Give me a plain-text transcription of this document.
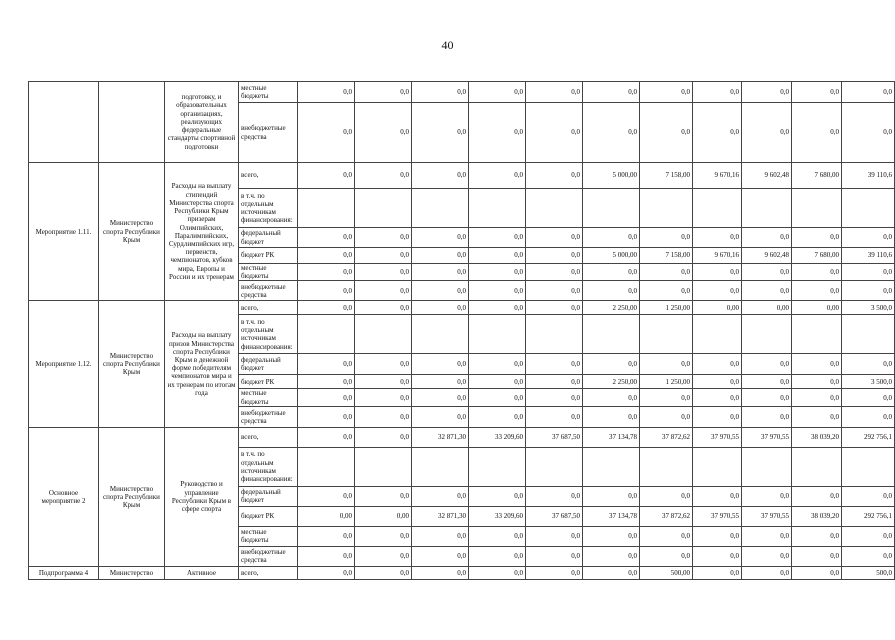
40
		подготовку, и образовательных организациях, реализующих федеральные стандарты спортивной подготовки	местные бюджеты	0,0	0,0	0,0	0,0	0,0	0,0	0,0	0,0	0,0	0,0	0,0
			внебюджетные средства	0,0	0,0	0,0	0,0	0,0	0,0	0,0	0,0	0,0	0,0	0,0
Мероприятие 1.11.	Министерство спорта Республики Крым	Расходы на выплату стипендий Министерства спорта Республики Крым призерам Олимпийских, Паралимпийских, Сурдлимпийских игр, первенств, чемпионатов, кубков мира, Европы и России и их тренерам	всего,	0,0	0,0	0,0	0,0	0,0	5 000,00	7 158,00	9 670,16	9 602,48	7 680,00	39 110,6
			в т.ч. по отдельным источникам финансирования:											
			федеральный бюджет	0,0	0,0	0,0	0,0	0,0	0,0	0,0	0,0	0,0	0,0	0,0
			бюджет РК	0,0	0,0	0,0	0,0	0,0	5 000,00	7 158,00	9 670,16	9 602,48	7 680,00	39 110,6
			местные бюджеты	0,0	0,0	0,0	0,0	0,0	0,0	0,0	0,0	0,0	0,0	0,0
			внебюджетные средства	0,0	0,0	0,0	0,0	0,0	0,0	0,0	0,0	0,0	0,0	0,0
Мероприятие 1.12.	Министерство спорта Республики Крым	Расходы на выплату призов Министерства спорта Республики Крым в денежной форме победителям чемпионатов мира и их тренерам по итогам года	всего,	0,0	0,0	0,0	0,0	0,0	2 250,00	1 250,00	0,00	0,00	0,00	3 500,0
			в т.ч. по отдельным источникам финансирования:											
			федеральный бюджет	0,0	0,0	0,0	0,0	0,0	0,0	0,0	0,0	0,0	0,0	0,0
			бюджет РК	0,0	0,0	0,0	0,0	0,0	2 250,00	1 250,00	0,0	0,0	0,0	3 500,0
			местные бюджеты	0,0	0,0	0,0	0,0	0,0	0,0	0,0	0,0	0,0	0,0	0,0
			внебюджетные средства	0,0	0,0	0,0	0,0	0,0	0,0	0,0	0,0	0,0	0,0	0,0
Основное мероприятие 2	Министерство спорта Республики Крым	Руководство и управление Республики Крым в сфере спорта	всего,	0,0	0,0	32 871,30	33 209,60	37 687,50	37 134,78	37 872,62	37 970,55	37 970,55	38 039,20	292 756,1
			в т.ч. по отдельным источникам финансирования:											
			федеральный бюджет	0,0	0,0	0,0	0,0	0,0	0,0	0,0	0,0	0,0	0,0	0,0
			бюджет РК	0,00	0,00	32 871,30	33 209,60	37 687,50	37 134,78	37 872,62	37 970,55	37 970,55	38 039,20	292 756,1
			местные бюджеты	0,0	0,0	0,0	0,0	0,0	0,0	0,0	0,0	0,0	0,0	0,0
			внебюджетные средства	0,0	0,0	0,0	0,0	0,0	0,0	0,0	0,0	0,0	0,0	0,0
Подпрограмма 4	Министерство	Активное	всего,	0,0	0,0	0,0	0,0	0,0	0,0	500,00	0,0	0,0	0,0	500,0
